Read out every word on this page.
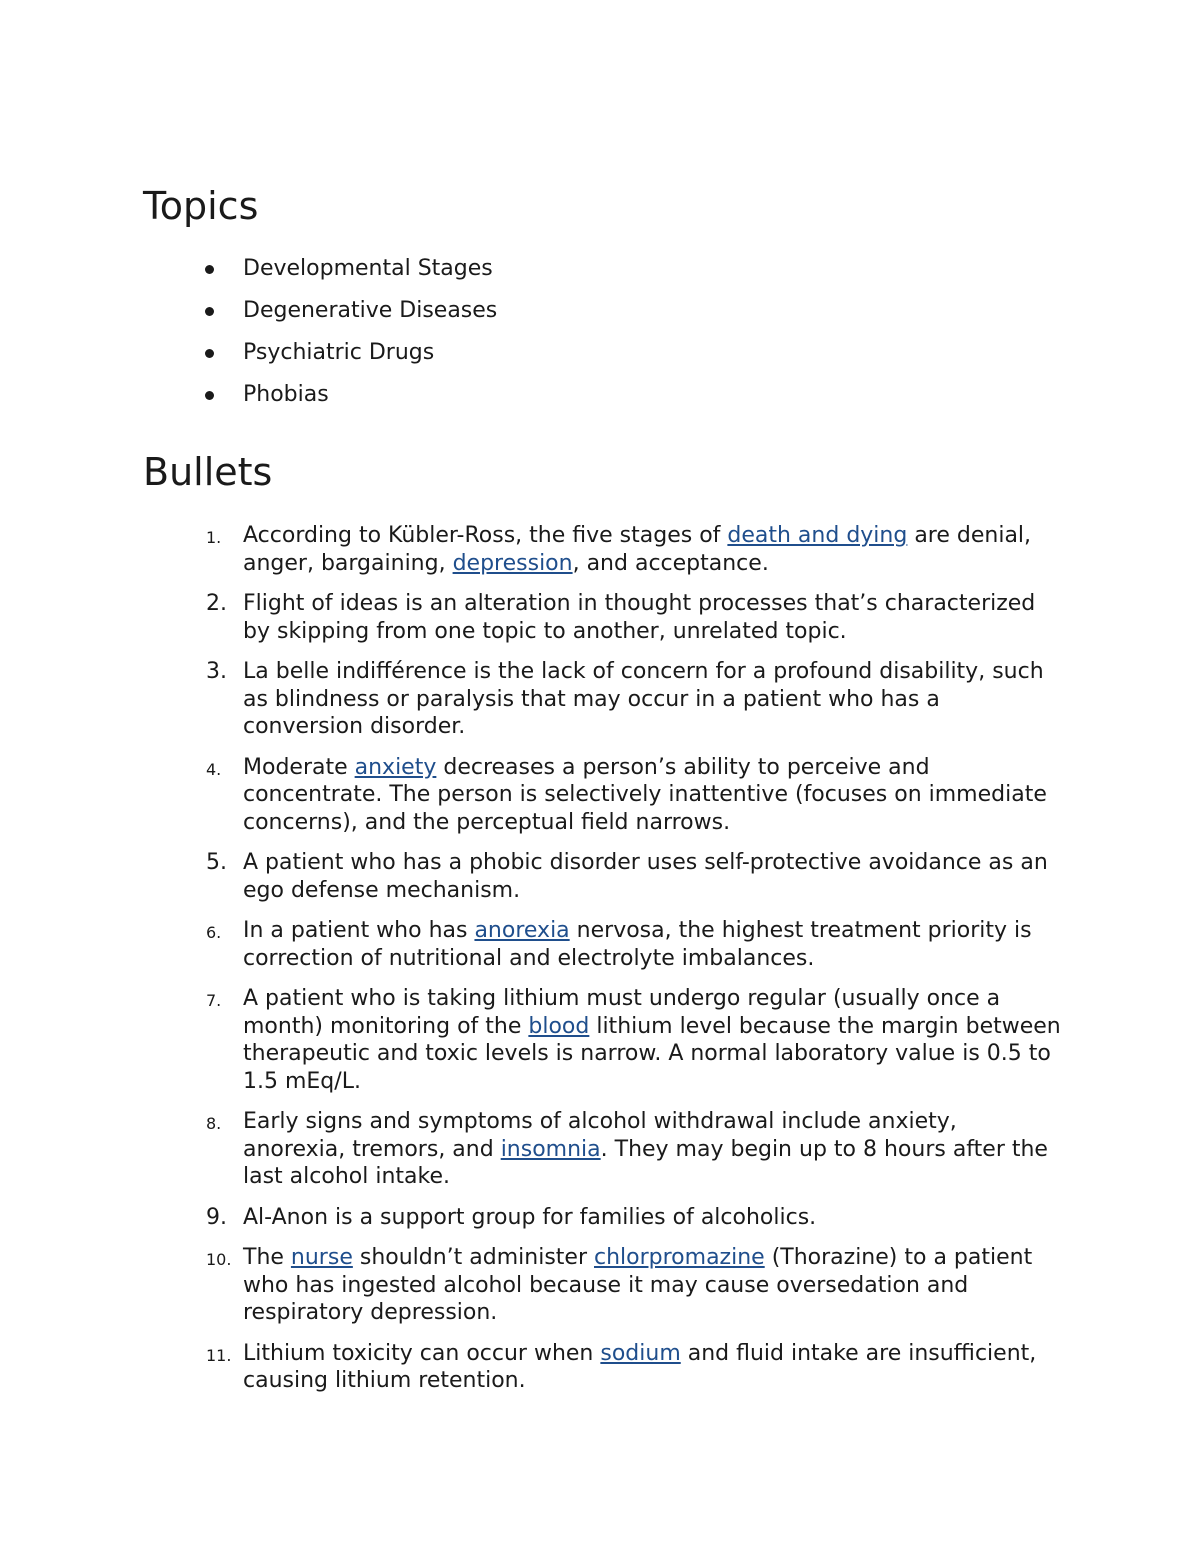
Topics
Developmental Stages
Degenerative Diseases
Psychiatric Drugs
Phobias
Bullets
1. According to Kübler-Ross, the five stages of death and dying are denial, anger, bargaining, depression, and acceptance.
2. Flight of ideas is an alteration in thought processes that’s characterized by skipping from one topic to another, unrelated topic.
3. La belle indifférence is the lack of concern for a profound disability, such as blindness or paralysis that may occur in a patient who has a conversion disorder.
4. Moderate anxiety decreases a person’s ability to perceive and concentrate. The person is selectively inattentive (focuses on immediate concerns), and the perceptual field narrows.
5. A patient who has a phobic disorder uses self-protective avoidance as an ego defense mechanism.
6. In a patient who has anorexia nervosa, the highest treatment priority is correction of nutritional and electrolyte imbalances.
7. A patient who is taking lithium must undergo regular (usually once a month) monitoring of the blood lithium level because the margin between therapeutic and toxic levels is narrow. A normal laboratory value is 0.5 to 1.5 mEq/L.
8. Early signs and symptoms of alcohol withdrawal include anxiety, anorexia, tremors, and insomnia. They may begin up to 8 hours after the last alcohol intake.
9. Al-Anon is a support group for families of alcoholics.
10. The nurse shouldn’t administer chlorpromazine (Thorazine) to a patient who has ingested alcohol because it may cause oversedation and respiratory depression.
11. Lithium toxicity can occur when sodium and fluid intake are insufficient, causing lithium retention.
